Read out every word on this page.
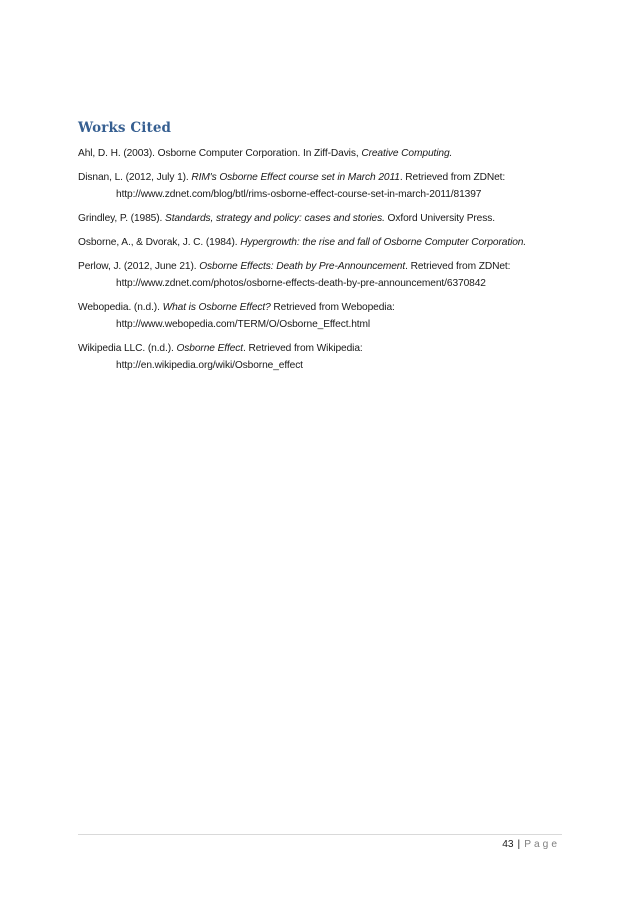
Works Cited
Ahl, D. H. (2003). Osborne Computer Corporation. In Ziff-Davis, Creative Computing.
Disnan, L. (2012, July 1). RIM's Osborne Effect course set in March 2011. Retrieved from ZDNet:
http://www.zdnet.com/blog/btl/rims-osborne-effect-course-set-in-march-2011/81397
Grindley, P. (1985). Standards, strategy and policy: cases and stories. Oxford University Press.
Osborne, A., & Dvorak, J. C. (1984). Hypergrowth: the rise and fall of Osborne Computer Corporation.
Perlow, J. (2012, June 21). Osborne Effects: Death by Pre-Announcement. Retrieved from ZDNet:
http://www.zdnet.com/photos/osborne-effects-death-by-pre-announcement/6370842
Webopedia. (n.d.). What is Osborne Effect? Retrieved from Webopedia:
http://www.webopedia.com/TERM/O/Osborne_Effect.html
Wikipedia LLC. (n.d.). Osborne Effect. Retrieved from Wikipedia:
http://en.wikipedia.org/wiki/Osborne_effect
43 | Page
